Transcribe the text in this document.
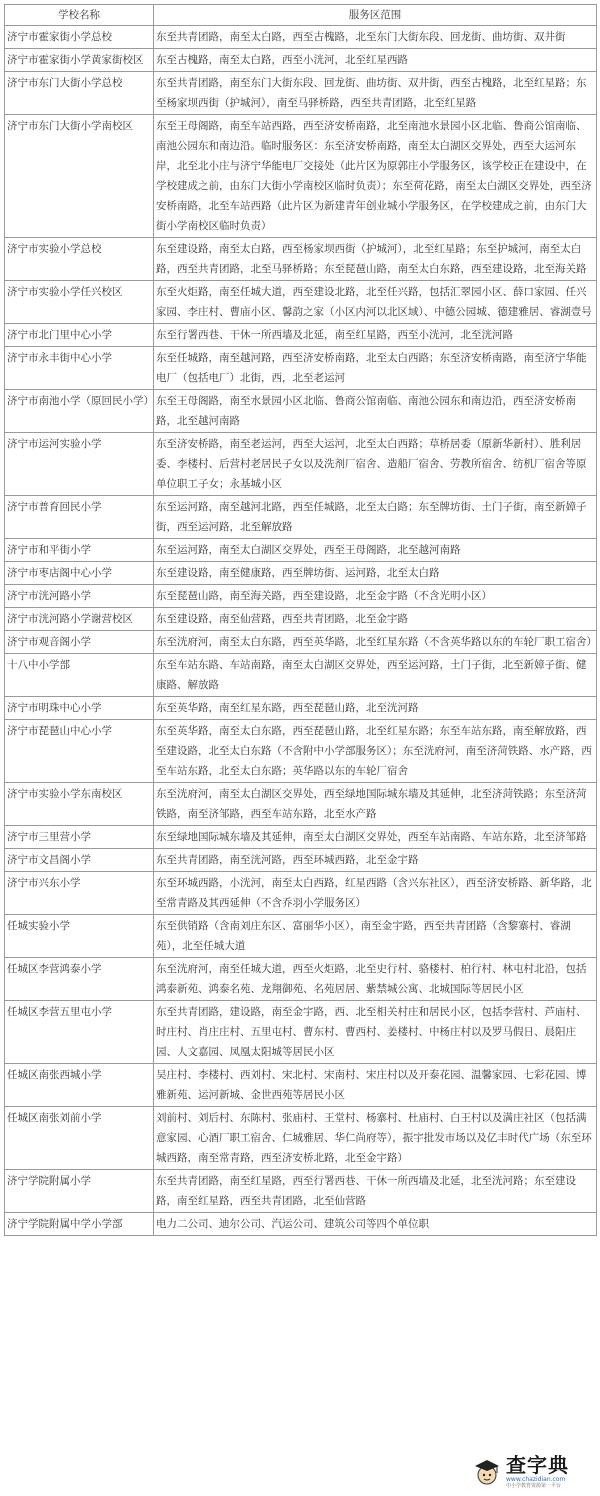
学校名称	服务区范围
济宁市霍家街小学总校	东至共青团路，南至太白路，西至古槐路，北至东门大街东段、回龙街、曲坊街、双井街
济宁市霍家街小学黄家街校区	东至古槐路，南至太白路，西至小洸河，北至红星西路
济宁市东门大街小学总校	东至共青团路，南至东门大街东段、回龙街、曲坊街、双井街，西至古槐路，北至红星路；东至杨家坝西街（护城河），南至马驿桥路，西至共青团路，北至红星路
济宁市东门大街小学南校区	东至王母阁路，南至车站西路，西至济安桥南路，北至南池水景园小区北临、鲁商公馆南临、南池公园东和南边沿。临时服务区：东至济安桥南路，南至太白湖区交界处，西至大运河东岸，北至北小庄与济宁华能电厂交接处（此片区为原郭庄小学服务区，该学校正在建设中，在学校建成之前，由东门大街小学南校区临时负责）；东至荷花路，南至太白湖区交界处，西至济安桥南路，北至车站西路（此片区为新建青年创业城小学服务区，在学校建成之前，由东门大街小学南校区临时负责）
济宁市实验小学总校	东至建设路，南至太白路，西至杨家坝西街（护城河），北至红星路；东至护城河，南至太白路，西至共青团路，北至马驿桥路；东至琵琶山路，南至太白东路，西至建设路，北至海关路
济宁市实验小学任兴校区	东至火炬路，南至任城大道，西至建设北路，北至任兴路，包括汇翠园小区、薛口家园、任兴家园、李庄村、曹庙小区、馨韵之家（小区内河以北区域）、中德公园城、德建雅居、睿湖壹号
济宁市北门里中心小学	东至行署西巷、干休一所西墙及北延，南至红星路，西至小洸河，北至洸河路
济宁市永丰街中心小学	东至任城路，南至越河路，西至济安桥南路，北至太白西路；东至济安桥南路，南至济宁华能电厂（包括电厂）北街，西，北至老运河
济宁市南池小学（原回民小学）	东至王母阁路，南至水景园小区北临、鲁商公馆南临、南池公园东和南边沿，西至济安桥南路，北至越河南路
济宁市运河实验小学	东至济安桥路，南至老运河，西至大运河，北至太白西路；草桥居委（原新华新村）、胜利居委、李楼村、后营村老居民子女以及洗剂厂宿舍、造船厂宿舍、劳教所宿舍、纺机厂宿舍等原单位职工子女；永基城小区
济宁市普育回民小学	东至运河路，南至越河北路，西至任城路，北至太白路；东至牌坊街、土门子街，南至新嫜子街，西至运河路，北至解放路
济宁市和平街小学	东至运河路，南至太白湖区交界处，西至王母阁路，北至越河南路
济宁市枣店阁中心小学	东至建设路，南至健康路，西至牌坊街、运河路，北至太白路
济宁市洸河路小学	东至琵琶山路，南至海关路，西至建设路，北至金宇路（不含光明小区）
济宁市洸河路小学谢营校区	东至建设路，南至仙营路，西至共青团路，北至金宇路
济宁市观音阁小学	东至洸府河，南至太白东路，西至英华路，北至红星东路（不含英华路以东的车轮厂职工宿舍）
十八中小学部	东至车站东路、车站南路，南至太白湖区交界处，西至运河路，土门子街，北至新嫜子街、健康路、解放路
济宁市明珠中心小学	东至英华路，南至红星东路，西至琵琶山路，北至洸河路
济宁市琵琶山中心小学	东至英华路，南至太白东路，西至琵琶山路，北至红星东路；东至车站东路，南至解放路，西至建设路，北至太白东路（不含附中小学部服务区）；东至洸府河，南至济菏铁路、水产路，西至车站东路，北至太白东路；英华路以东的车轮厂宿舍
济宁市实验小学东南校区	东至洸府河，南至太白湖区交界处，西至绿地国际城东墙及其延伸，北至济菏铁路；东至济菏铁路，南至济邹路，西至车站东路，北至水产路
济宁市三里营小学	东至绿地国际城东墙及其延伸，南至太白湖区交界处，西至车站南路、车站东路，北至济邹路
济宁市文昌阁小学	东至共青团路，南至洸河路，西至环城西路，北至金宇路
济宁市兴东小学	东至环城西路，小洸河，南至太白西路，红星西路（含兴东社区），西至济安桥路、新华路，北至常青路及其西延伸（不含乔羽小学服务区）
任城实验小学	东至供销路（含南刘庄东区、富丽华小区），南至金宇路，西至共青团路（含黎寨村、睿湖苑），北至任城大道
任城区李营鸿泰小学	东至洸府河，南至任城大道，西至火炬路，北至史行村、骆楼村、柏行村、林屯村北沿，包括鸿泰新苑、鸿泰名苑、龙翔御苑、名苑居居、紫禁城公寓、北城国际等居民小区
任城区李营五里屯小学	东至共青团路，建设路，南至金宇路，西、北至相关村庄和居民小区，包括李营村、芦庙村、时庄村、肖庄庄村、五里屯村、曹东村、曹西村、姜楼村、中杨庄村以及罗马假日、晨阳庄园、人文嘉园、凤凰太阳城等居民小区
任城区南张西城小学	吴庄村、李楼村、西刘村、宋北村、宋南村、宋庄村以及开泰花园、温馨家园、七彩花园、博雅新苑、运河新城、金世西苑等居民小区
任城区南张刘前小学	刘前村、刘后村、东陈村、张庙村、王堂村、杨寨村、杜庙村、白王村以及满庄社区（包括满意家园、心酒厂职工宿舍、仁城雅居、华仁尚府等），振宇批发市场以及亿丰时代广场（东至环城西路，南至常青路，西至济安桥北路，北至金宇路）
济宁学院附属小学	东至共青团路，南至红星路，西至行署西巷、干休一所西墙及北延，北至洸河路；东至建设路，南至红星路，西至共青团路，北至仙营路
济宁学院附属中学小学部	电力二公司、迪尔公司、汽运公司、建筑公司等四个单位职
查字典
www.chazidian.com
中小学教育资源第一平台
